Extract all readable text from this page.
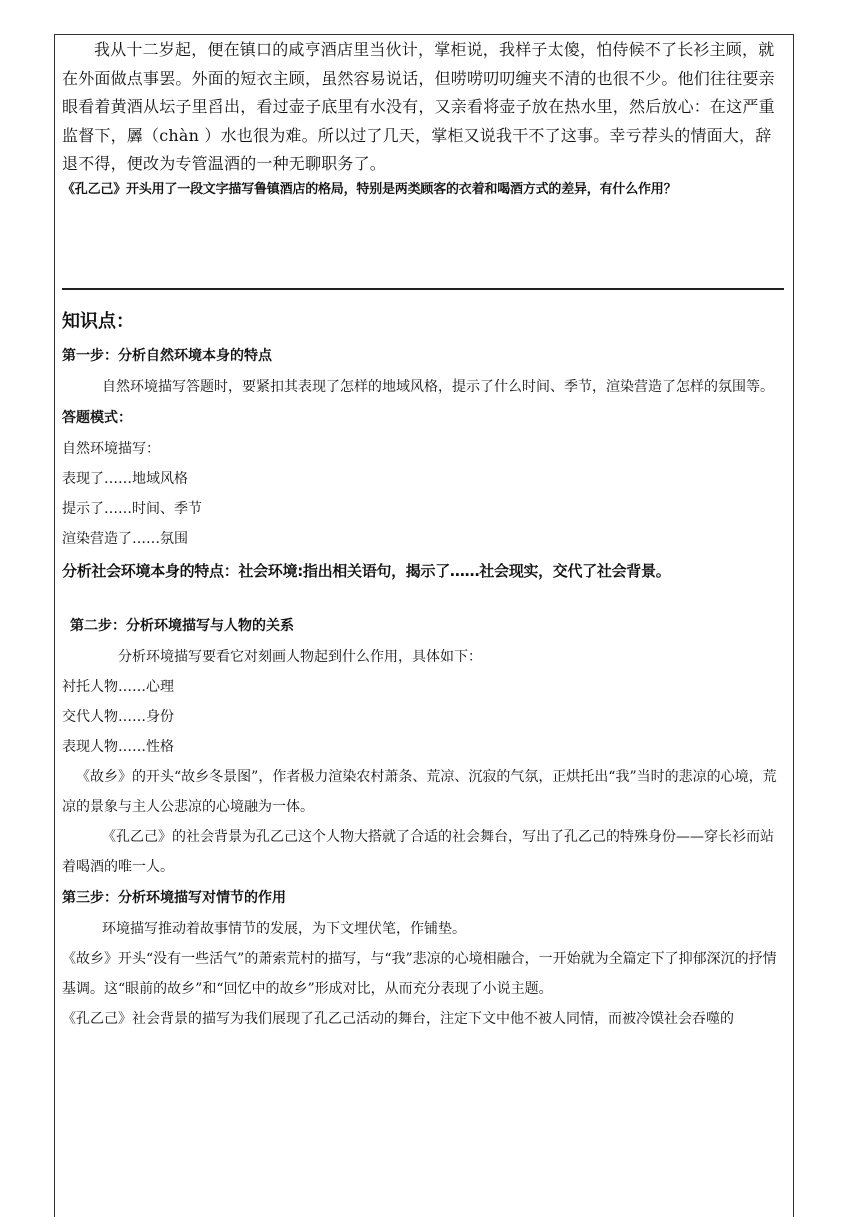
我从十二岁起，便在镇口的咸亨酒店里当伙计，掌柜说，我样子太傻，怕侍候不了长衫主顾，就在外面做点事罢。外面的短衣主顾，虽然容易说话，但唠唠叨叨缠夹不清的也很不少。他们往往要亲眼看着黄酒从坛子里舀出，看过壶子底里有水没有，又亲看将壶子放在热水里，然后放心：在这严重监督下，羼（chàn ）水也很为难。所以过了几天，掌柜又说我干不了这事。幸亏荐头的情面大，辞退不得，便改为专管温酒的一种无聊职务了。

《孔乙己》开头用了一段文字描写鲁镇酒店的格局，特别是两类顾客的衣着和喝酒方式的差异，有什么作用？

知识点：

第一步：分析自然环境本身的特点

自然环境描写答题时，要紧扣其表现了怎样的地域风格，提示了什么时间、季节，渲染营造了怎样的氛围等。

答题模式：

自然环境描写：

表现了……地域风格

提示了……时间、季节

渲染营造了……氛围

分析社会环境本身的特点：社会环境:指出相关语句，揭示了……社会现实，交代了社会背景。

第二步：分析环境描写与人物的关系

分析环境描写要看它对刻画人物起到什么作用，具体如下：

衬托人物……心理

交代人物……身份

表现人物……性格

《故乡》的开头“故乡冬景图”，作者极力渲染农村萧条、荒凉、沉寂的气氛，正烘托出“我”当时的悲凉的心境，荒凉的景象与主人公悲凉的心境融为一体。

《孔乙己》的社会背景为孔乙己这个人物大搭就了合适的社会舞台，写出了孔乙己的特殊身份——穿长衫而站着喝酒的唯一人。

第三步：分析环境描写对情节的作用

环境描写推动着故事情节的发展，为下文埋伏笔，作铺垫。

《故乡》开头“没有一些活气”的萧索荒村的描写，与“我”悲凉的心境相融合，一开始就为全篇定下了抑郁深沉的抒情基调。这“眼前的故乡”和“回忆中的故乡”形成对比，从而充分表现了小说主题。

《孔乙己》社会背景的描写为我们展现了孔乙己活动的舞台，注定下文中他不被人同情，而被冷馍社会吞噬的
